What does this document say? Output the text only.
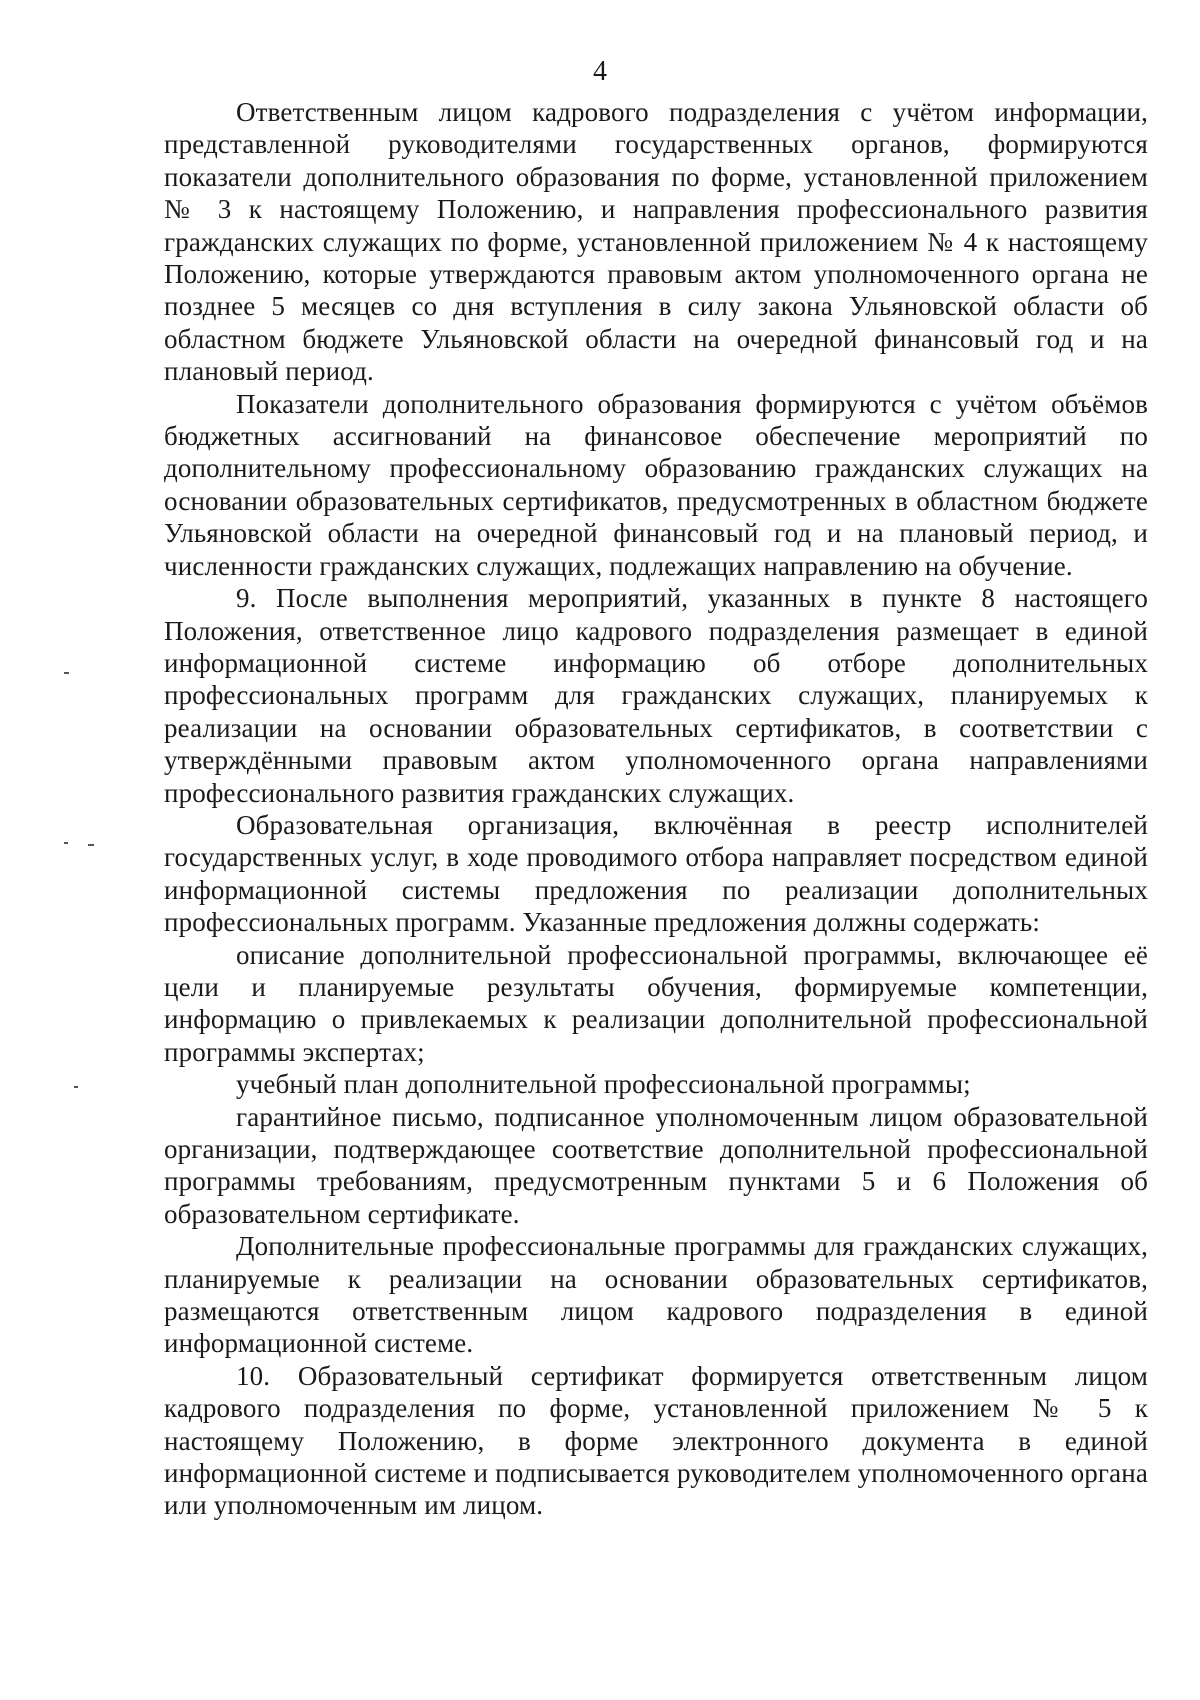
4

Ответственным лицом кадрового подразделения с учётом информации, представленной руководителями государственных органов, формируются показатели дополнительного образования по форме, установленной приложением № 3 к настоящему Положению, и направления профессионального развития гражданских служащих по форме, установленной приложением № 4 к настоящему Положению, которые утверждаются правовым актом уполномоченного органа не позднее 5 месяцев со дня вступления в силу закона Ульяновской области об областном бюджете Ульяновской области на очередной финансовый год и на плановый период.

Показатели дополнительного образования формируются с учётом объёмов бюджетных ассигнований на финансовое обеспечение мероприятий по дополнительному профессиональному образованию гражданских служащих на основании образовательных сертификатов, предусмотренных в областном бюджете Ульяновской области на очередной финансовый год и на плановый период, и численности гражданских служащих, подлежащих направлению на обучение.

9. После выполнения мероприятий, указанных в пункте 8 настоящего Положения, ответственное лицо кадрового подразделения размещает в единой информационной системе информацию об отборе дополнительных профессиональных программ для гражданских служащих, планируемых к реализации на основании образовательных сертификатов, в соответствии с утверждёнными правовым актом уполномоченного органа направлениями профессионального развития гражданских служащих.

Образовательная организация, включённая в реестр исполнителей государственных услуг, в ходе проводимого отбора направляет посредством единой информационной системы предложения по реализации дополнительных профессиональных программ. Указанные предложения должны содержать:

описание дополнительной профессиональной программы, включающее её цели и планируемые результаты обучения, формируемые компетенции, информацию о привлекаемых к реализации дополнительной профессиональной программы экспертах;

учебный план дополнительной профессиональной программы;

гарантийное письмо, подписанное уполномоченным лицом образовательной организации, подтверждающее соответствие дополнительной профессиональной программы требованиям, предусмотренным пунктами 5 и 6 Положения об образовательном сертификате.

Дополнительные профессиональные программы для гражданских служащих, планируемые к реализации на основании образовательных сертификатов, размещаются ответственным лицом кадрового подразделения в единой информационной системе.

10. Образовательный сертификат формируется ответственным лицом кадрового подразделения по форме, установленной приложением № 5 к настоящему Положению, в форме электронного документа в единой информационной системе и подписывается руководителем уполномоченного органа или уполномоченным им лицом.
